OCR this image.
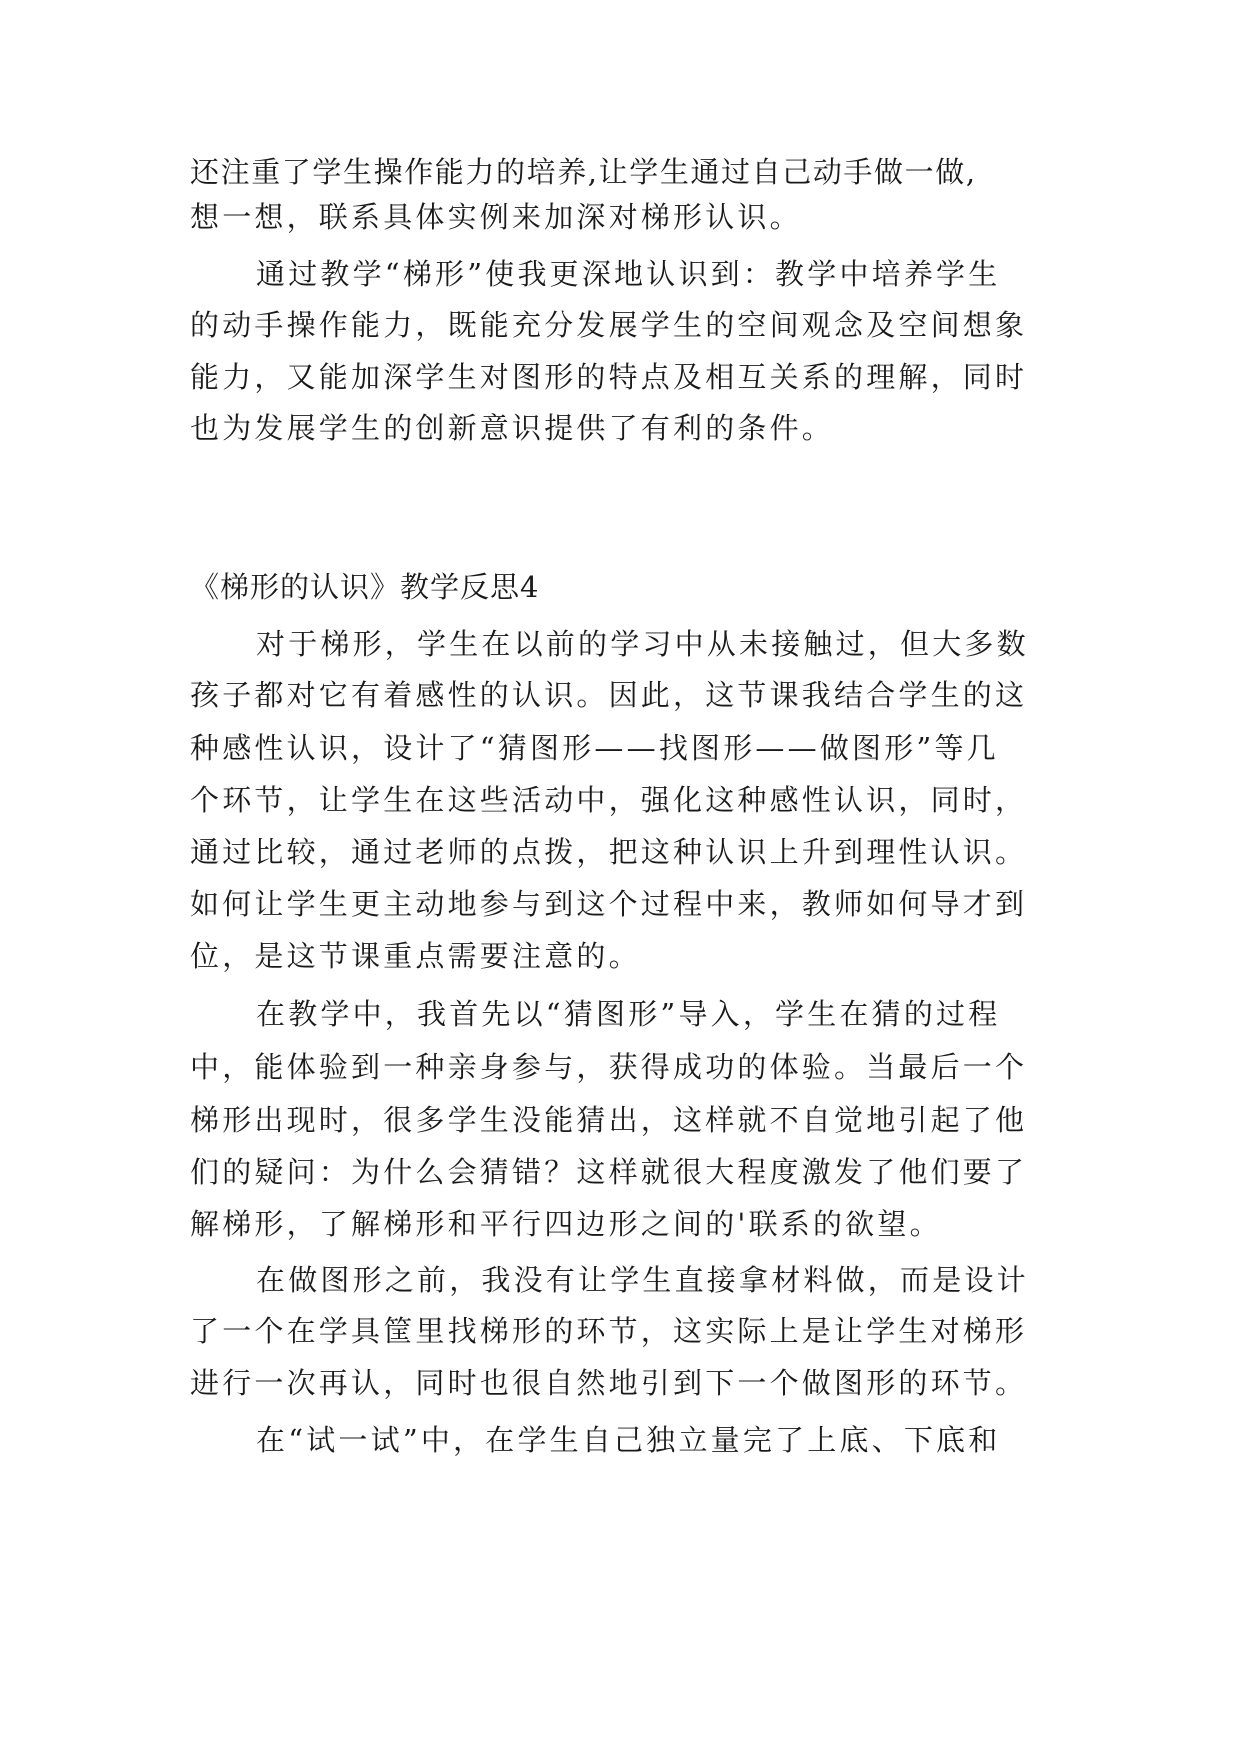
还注重了学生操作能力的培养,让学生通过自己动手做一做,
想一想，联系具体实例来加深对梯形认识。
通过教学“梯形”使我更深地认识到：教学中培养学生
的动手操作能力，既能充分发展学生的空间观念及空间想象
能力，又能加深学生对图形的特点及相互关系的理解，同时
也为发展学生的创新意识提供了有利的条件。
《梯形的认识》教学反思4
对于梯形，学生在以前的学习中从未接触过，但大多数
孩子都对它有着感性的认识。因此，这节课我结合学生的这
种感性认识，设计了“猜图形——找图形——做图形”等几
个环节，让学生在这些活动中，强化这种感性认识，同时，
通过比较，通过老师的点拨，把这种认识上升到理性认识。
如何让学生更主动地参与到这个过程中来，教师如何导才到
位，是这节课重点需要注意的。
在教学中，我首先以“猜图形”导入，学生在猜的过程
中，能体验到一种亲身参与，获得成功的体验。当最后一个
梯形出现时，很多学生没能猜出，这样就不自觉地引起了他
们的疑问：为什么会猜错？这样就很大程度激发了他们要了
解梯形，了解梯形和平行四边形之间的'联系的欲望。
在做图形之前，我没有让学生直接拿材料做，而是设计
了一个在学具筐里找梯形的环节，这实际上是让学生对梯形
进行一次再认，同时也很自然地引到下一个做图形的环节。
在“试一试”中，在学生自己独立量完了上底、下底和
